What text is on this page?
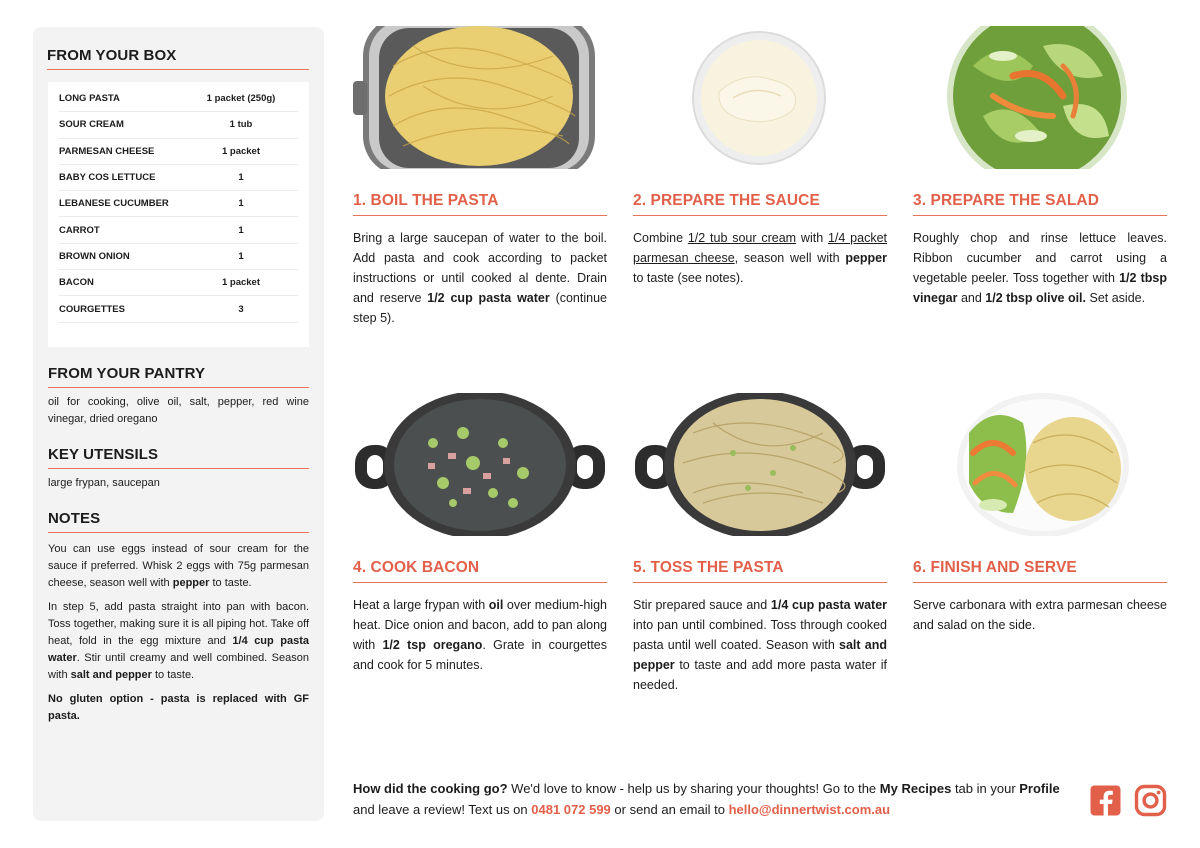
FROM YOUR BOX
LONG PASTA	1 packet (250g)
SOUR CREAM	1 tub
PARMESAN CHEESE	1 packet
BABY COS LETTUCE	1
LEBANESE CUCUMBER	1
CARROT	1
BROWN ONION	1
BACON	1 packet
COURGETTES	3
FROM YOUR PANTRY

oil for cooking, olive oil, salt, pepper, red wine vinegar, dried oregano

KEY UTENSILS

large frypan, saucepan

NOTES

You can use eggs instead of sour cream for the sauce if preferred. Whisk 2 eggs with 75g parmesan cheese, season well with pepper to taste.

In step 5, add pasta straight into pan with bacon. Toss together, making sure it is all piping hot. Take off heat, fold in the egg mixture and 1/4 cup pasta water. Stir until creamy and well combined. Season with salt and pepper to taste.

No gluten option - pasta is replaced with GF pasta.

1. BOIL THE PASTA
Bring a large saucepan of water to the boil. Add pasta and cook according to packet instructions or until cooked al dente. Drain and reserve 1/2 cup pasta water (continue step 5).
2. PREPARE THE SAUCE
Combine 1/2 tub sour cream with 1/4 packet parmesan cheese, season well with pepper to taste (see notes).
3. PREPARE THE SALAD
Roughly chop and rinse lettuce leaves. Ribbon cucumber and carrot using a vegetable peeler. Toss together with 1/2 tbsp vinegar and 1/2 tbsp olive oil. Set aside.
4. COOK BACON
Heat a large frypan with oil over medium-high heat. Dice onion and bacon, add to pan along with 1/2 tsp oregano. Grate in courgettes and cook for 5 minutes.
5. TOSS THE PASTA
Stir prepared sauce and 1/4 cup pasta water into pan until combined. Toss through cooked pasta until well coated. Season with salt and pepper to taste and add more pasta water if needed.
6. FINISH AND SERVE
Serve carbonara with extra parmesan cheese and salad on the side.
How did the cooking go? We'd love to know - help us by sharing your thoughts! Go to the My Recipes tab in your Profile and leave a review! Text us on 0481 072 599 or send an email to hello@dinnertwist.com.au
